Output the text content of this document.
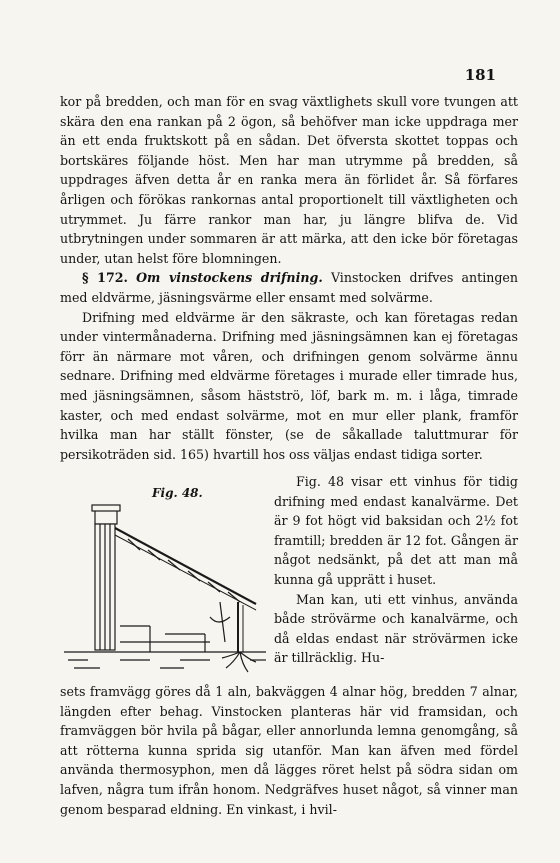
181

kor på bredden, och man för en svag växtlighets skull vore tvungen att skära den ena rankan på 2 ögon, så behöfver man icke uppdraga mer än ett enda fruktskott på en sådan. Det öfversta skottet toppas och bortskäres följande höst. Men har man utrymme på bredden, så uppdrages äfven detta år en ranka mera än förlidet år. Så förfares årligen och förökas rankornas antal proportionelt till växtligheten och utrymmet. Ju färre rankor man har, ju längre blifva de. Vid utbrytningen under sommaren är att märka, att den icke bör företagas under, utan helst före blomningen.

§ 172. Om vinstockens drifning. Vinstocken drifves antingen med eldvärme, jäsningsvärme eller ensamt med solvärme.

Drifning med eldvärme är den säkraste, och kan företagas redan under vintermånaderna. Drifning med jäsningsämnen kan ej företagas förr än närmare mot våren, och drifningen genom solvärme ännu sednare. Drifning med eldvärme företages i murade eller timrade hus, med jäsningsämnen, såsom hästströ, löf, bark m. m. i låga, timrade kaster, och med endast solvärme, mot en mur eller plank, framför hvilka man har ställt fönster, (se de såkallade taluttmurar för persikoträden sid. 165) hvartill hos oss väljas endast tidiga sorter.

Fig. 48.

Fig. 48 visar ett vinhus för tidig drifning med endast kanalvärme. Det är 9 fot högt vid baksidan och 2½ fot framtill; bredden är 12 fot. Gången är något nedsänkt, på det att man må kunna gå upprätt i huset.

Man kan, uti ett vinhus, använda både strövärme och kanalvärme, och då eldas endast när strövärmen icke är tillräcklig. Hu-

sets framvägg göres då 1 aln, bakväggen 4 alnar hög, bredden 7 alnar, längden efter behag. Vinstocken planteras här vid framsidan, och framväggen bör hvila på bågar, eller annorlunda lemna genomgång, så att rötterna kunna sprida sig utanför. Man kan äfven med fördel använda thermosyphon, men då lägges röret helst på södra sidan om lafven, några tum ifrån honom. Nedgräfves huset något, så vinner man genom besparad eldning. En vinkast, i hvil-
